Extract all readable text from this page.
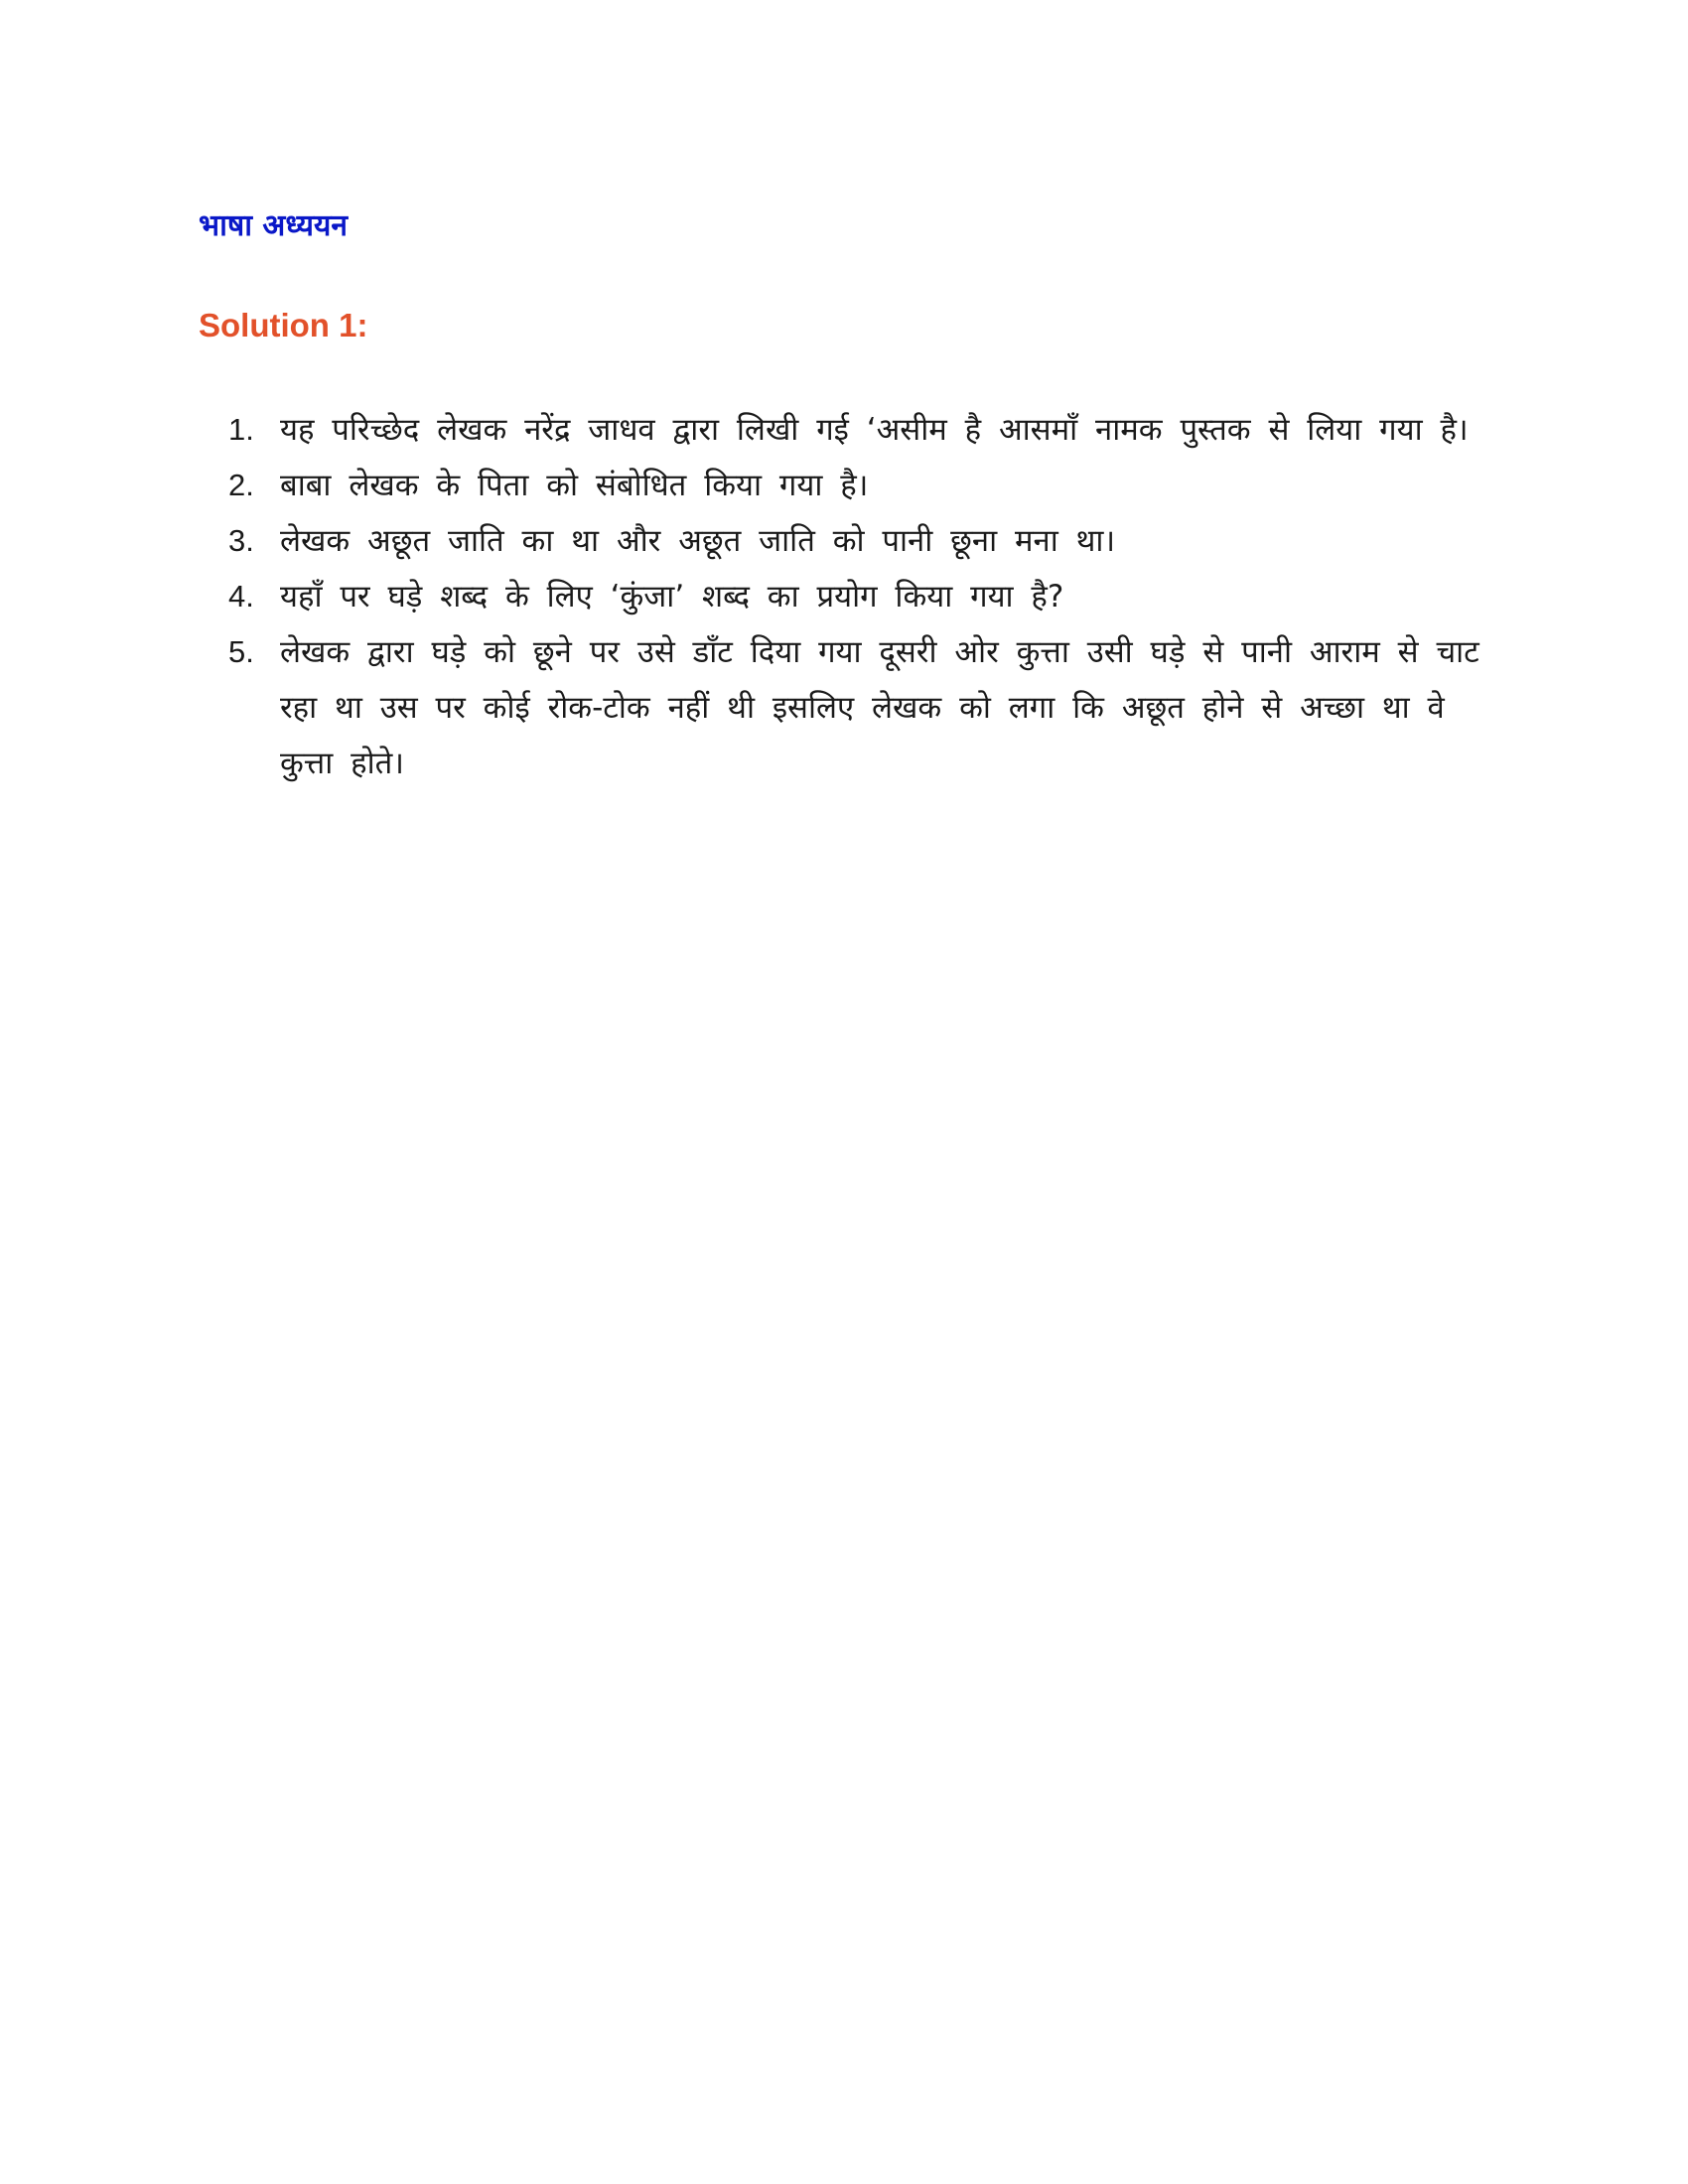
भाषा अध्ययन
Solution 1:
1. यह परिच्छेद लेखक नरेंद्र जाधव द्वारा लिखी गई ‘असीम है आसमाँ नामक पुस्तक से लिया गया है।
2. बाबा लेखक के पिता को संबोधित किया गया है।
3. लेखक अछूत जाति का था और अछूत जाति को पानी छूना मना था।
4. यहाँ पर घड़े शब्द के लिए ‘कुंजा’ शब्द का प्रयोग किया गया है?
5. लेखक द्वारा घड़े को छूने पर उसे डाँट दिया गया दूसरी ओर कुत्ता उसी घड़े से पानी आराम से चाट रहा था उस पर कोई रोक-टोक नहीं थी इसलिए लेखक को लगा कि अछूत होने से अच्छा था वे कुत्ता होते।
